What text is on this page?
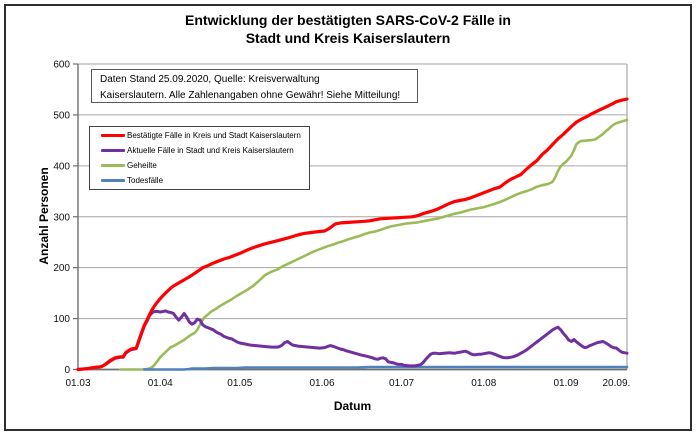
Entwicklung der bestätigten SARS-CoV-2 Fälle in
Stadt und Kreis Kaiserslautern
0
100
200
300
400
500
600
01.03	01.04	01.05	01.06	01.07	01.08	01.09 20.09.
Anzahl Personen
Datum
Daten Stand 25.09.2020, Quelle: Kreisverwaltung
Kaiserslautern. Alle Zahlenangaben ohne Gewähr! Siehe Mitteilung!
Bestätigte Fälle in Kreis und Stadt Kaiserslautern
Aktuelle Fälle in Stadt und Kreis Kaiserslautern
Geheilte
Todesfälle
